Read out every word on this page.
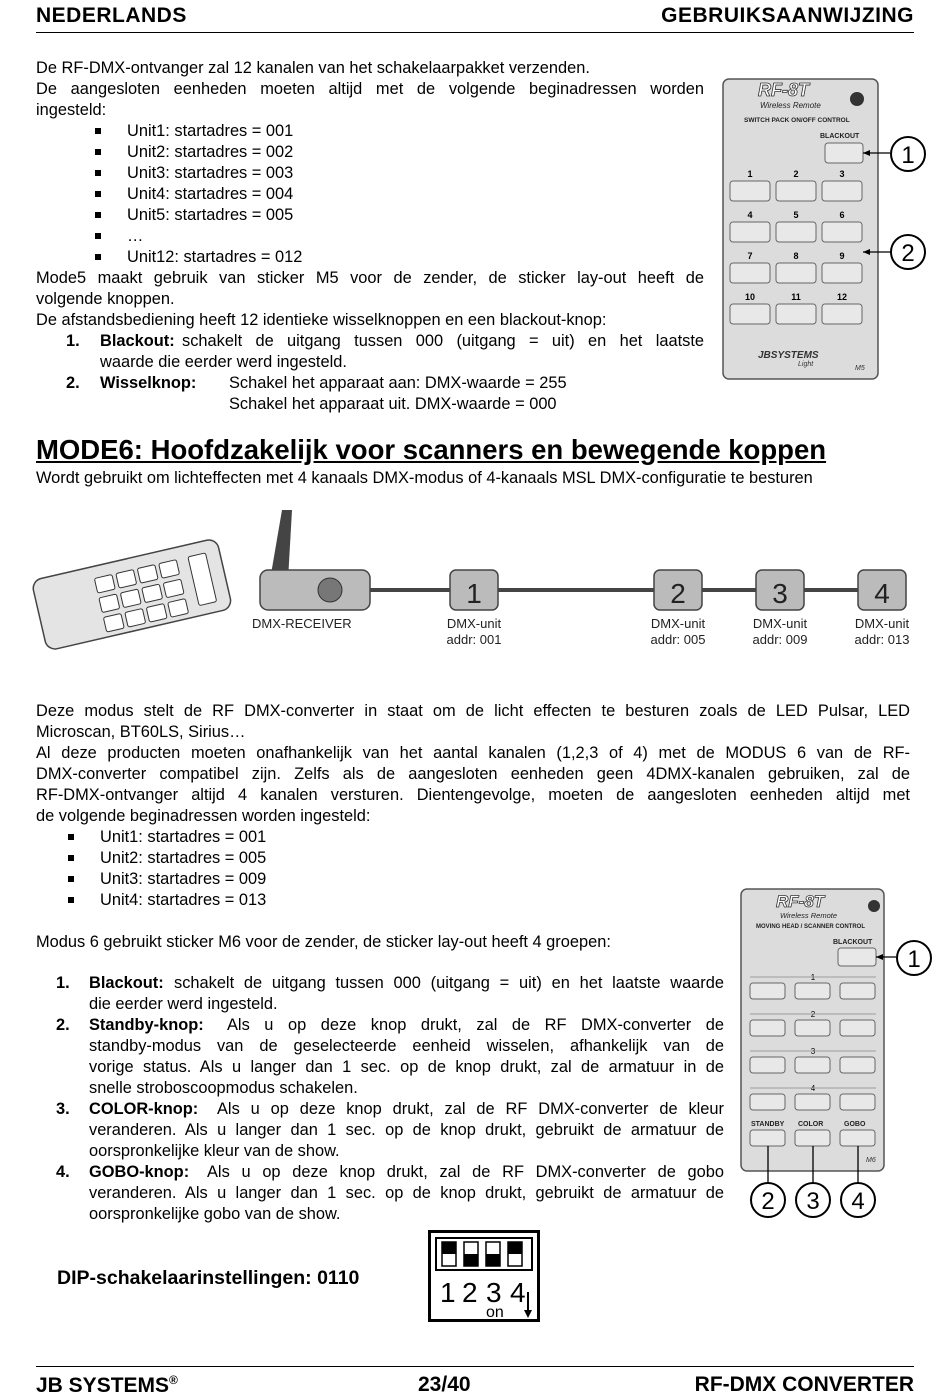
NEDERLANDS	GEBRUIKSAANWIJZING
De RF-DMX-ontvanger zal 12 kanalen van het schakelaarpakket verzenden.
De aangesloten eenheden moeten altijd met de volgende beginadressen worden
ingesteld:
Unit1: startadres = 001
Unit2: startadres = 002
Unit3: startadres = 003
Unit4: startadres = 004
Unit5: startadres = 005
…
Unit12: startadres = 012
Mode5 maakt gebruik van sticker M5 voor de zender, de sticker lay-out heeft de
volgende knoppen.
De afstandsbediening heeft 12 identieke wisselknoppen en een blackout-knop:
1. Blackout: schakelt de uitgang tussen 000 (uitgang = uit) en het laatste
waarde die eerder werd ingesteld.
2. Wisselknop: Schakel het apparaat aan: DMX-waarde = 255
Schakel het apparaat uit. DMX-waarde = 000
RF-8T
Wireless Remote
SWITCH PACK ON/OFF CONTROL
BLACKOUT
1	2	3
4	5	6
7	8	9
10	11	12
JBSYSTEMS
Light
M5
1
2
MODE6: Hoofdzakelijk voor scanners en bewegende koppen
Wordt gebruikt om lichteffecten met 4 kanaals DMX-modus of 4-kanaals MSL DMX-configuratie te besturen
DMX-RECEIVER
1
DMX-unit
addr: 001
2
DMX-unit
addr: 005
3
DMX-unit
addr: 009
4
DMX-unit
addr: 013
Deze modus stelt de RF DMX-converter in staat om de licht effecten te besturen zoals de LED Pulsar, LED
Microscan, BT60LS, Sirius…
Al deze producten moeten onafhankelijk van het aantal kanalen (1,2,3 of 4) met de MODUS 6 van de RF-
DMX-converter compatibel zijn. Zelfs als de aangesloten eenheden geen 4DMX-kanalen gebruiken, zal de
RF-DMX-ontvanger altijd 4 kanalen versturen. Dientengevolge, moeten de aangesloten eenheden altijd met
de volgende beginadressen worden ingesteld:
Unit1: startadres = 001
Unit2: startadres = 005
Unit3: startadres = 009
Unit4: startadres = 013
Modus 6 gebruikt sticker M6 voor de zender, de sticker lay-out heeft 4 groepen:
1. Blackout: schakelt de uitgang tussen 000 (uitgang = uit) en het laatste waarde
die eerder werd ingesteld.
2. Standby-knop: Als u op deze knop drukt, zal de RF DMX-converter de
standby-modus van de geselecteerde eenheid wisselen, afhankelijk van de
vorige status. Als u langer dan 1 sec. op de knop drukt, zal de armatuur in de
snelle stroboscoopmodus schakelen.
3. COLOR-knop: Als u op deze knop drukt, zal de RF DMX-converter de kleur
veranderen. Als u langer dan 1 sec. op de knop drukt, gebruikt de armatuur de
oorspronkelijke kleur van de show.
4. GOBO-knop: Als u op deze knop drukt, zal de RF DMX-converter de gobo
veranderen. Als u langer dan 1 sec. op de knop drukt, gebruikt de armatuur de
oorspronkelijke gobo van de show.
RF-8T
Wireless Remote
MOVING HEAD / SCANNER CONTROL
BLACKOUT
1
2
3
4
STANDBY COLOR	GOBO
M6
1
2 3 4
DIP-schakelaarinstellingen: 0110	1 2 3 4
on
JB SYSTEMS®	23/40	RF-DMX CONVERTER
